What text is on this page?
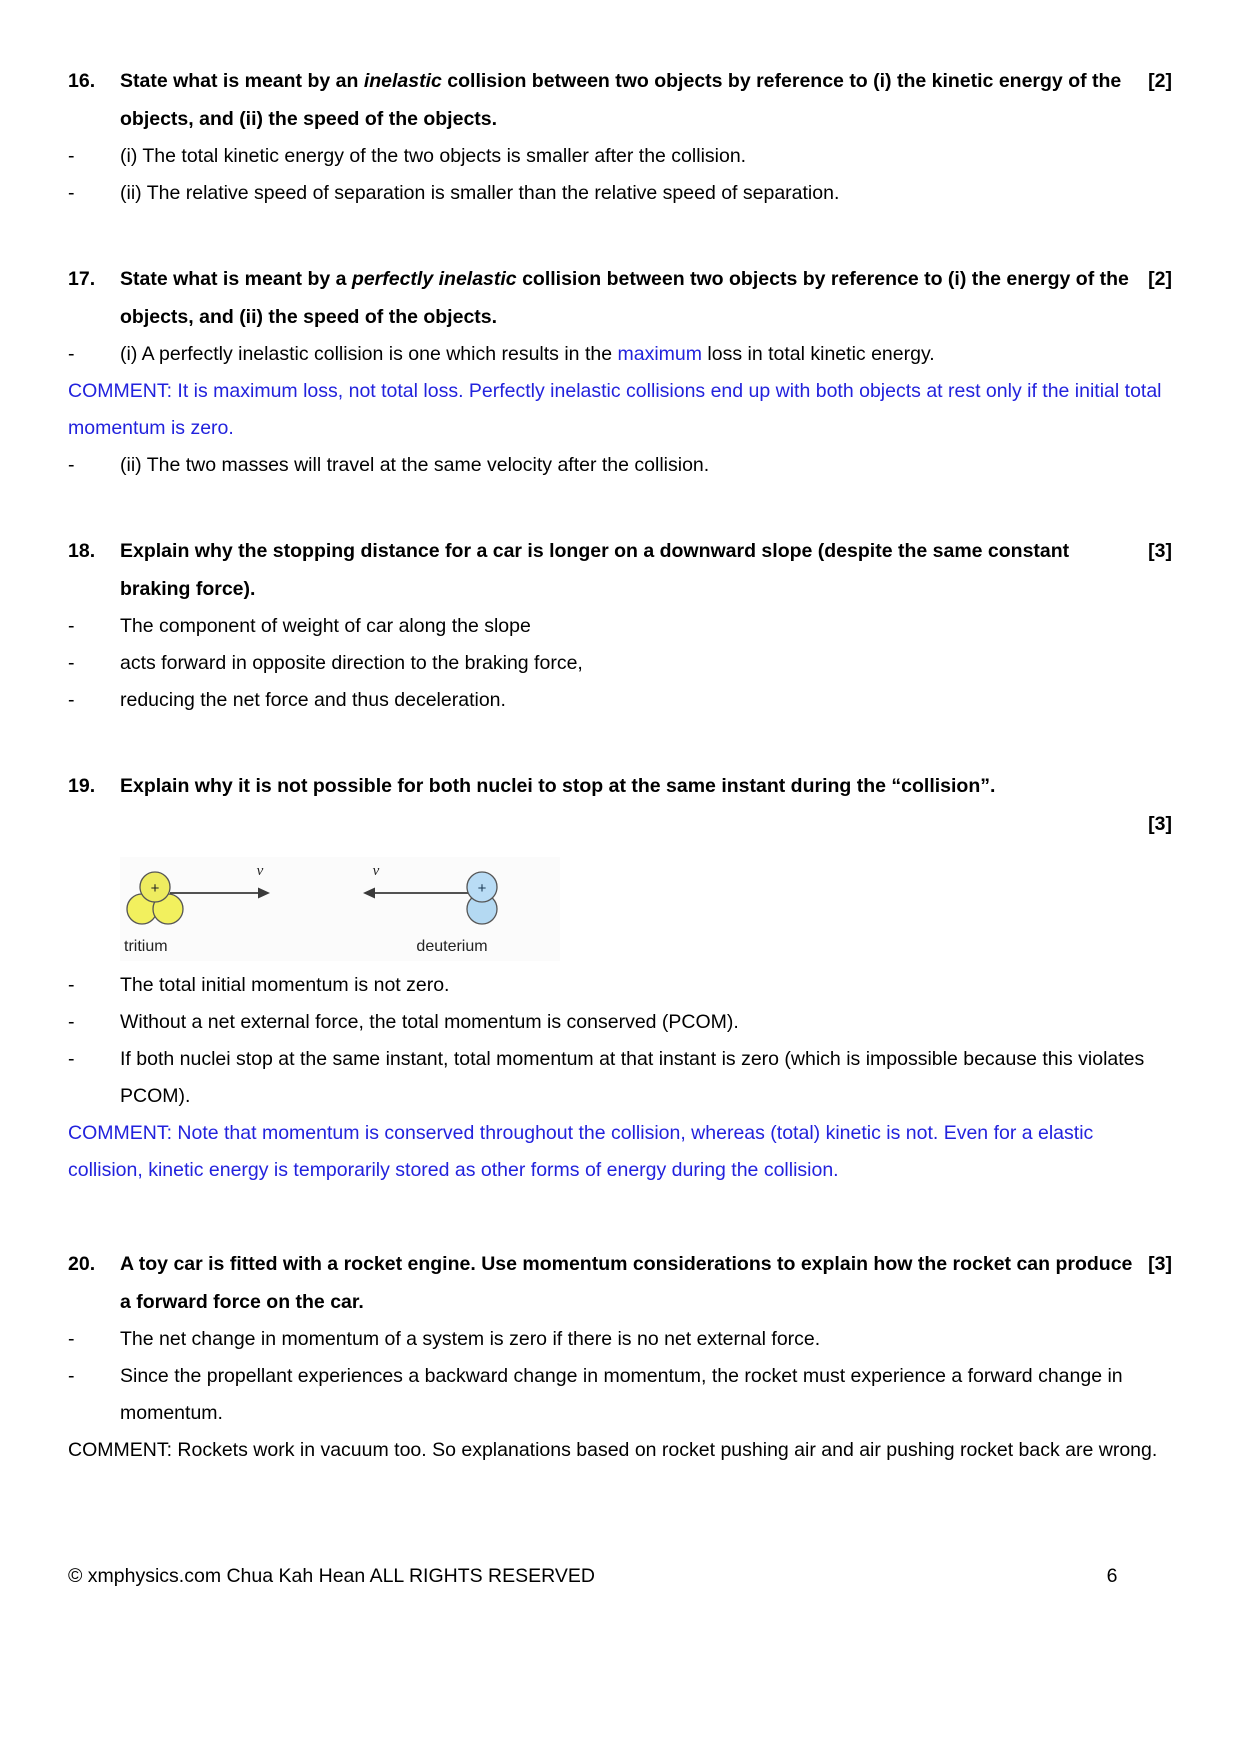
16.	[2]
State what is meant by an inelastic collision between two objects by reference to (i) the kinetic energy of the objects, and (ii) the speed of the objects.
-	(i) The total kinetic energy of the two objects is smaller after the collision.
-	(ii) The relative speed of separation is smaller than the relative speed of separation.
17.	[2]
State what is meant by a perfectly inelastic collision between two objects by reference to (i) the energy of the objects, and (ii) the speed of the objects.
-	(i) A perfectly inelastic collision is one which results in the maximum loss in total kinetic energy.

COMMENT: It is maximum loss, not total loss. Perfectly inelastic collisions end up with both objects at rest only if the initial total momentum is zero.

-	(ii) The two masses will travel at the same velocity after the collision.
18.	[3]
Explain why the stopping distance for a car is longer on a downward slope (despite the same constant braking force).
-	The component of weight of car along the slope
-	acts forward in opposite direction to the braking force,
-	reducing the net force and thus deceleration.
19.	Explain why it is not possible for both nuclei to stop at the same instant during the “collision”.
[3]
+
v	v
+
tritium	deuterium
-	The total initial momentum is not zero.
-	Without a net external force, the total momentum is conserved (PCOM).
-	If both nuclei stop at the same instant, total momentum at that instant is zero (which is impossible because this violates PCOM).

COMMENT: Note that momentum is conserved throughout the collision, whereas (total) kinetic is not. Even for a elastic collision, kinetic energy is temporarily stored as other forms of energy during the collision.

20.	[3]
A toy car is fitted with a rocket engine. Use momentum considerations to explain how the rocket can produce a forward force on the car.
-	The net change in momentum of a system is zero if there is no net external force.
-	Since the propellant experiences a backward change in momentum, the rocket must experience a forward change in momentum.

COMMENT: Rockets work in vacuum too. So explanations based on rocket pushing air and air pushing rocket back are wrong.

© xmphysics.com Chua Kah Hean ALL RIGHTS RESERVED	6
